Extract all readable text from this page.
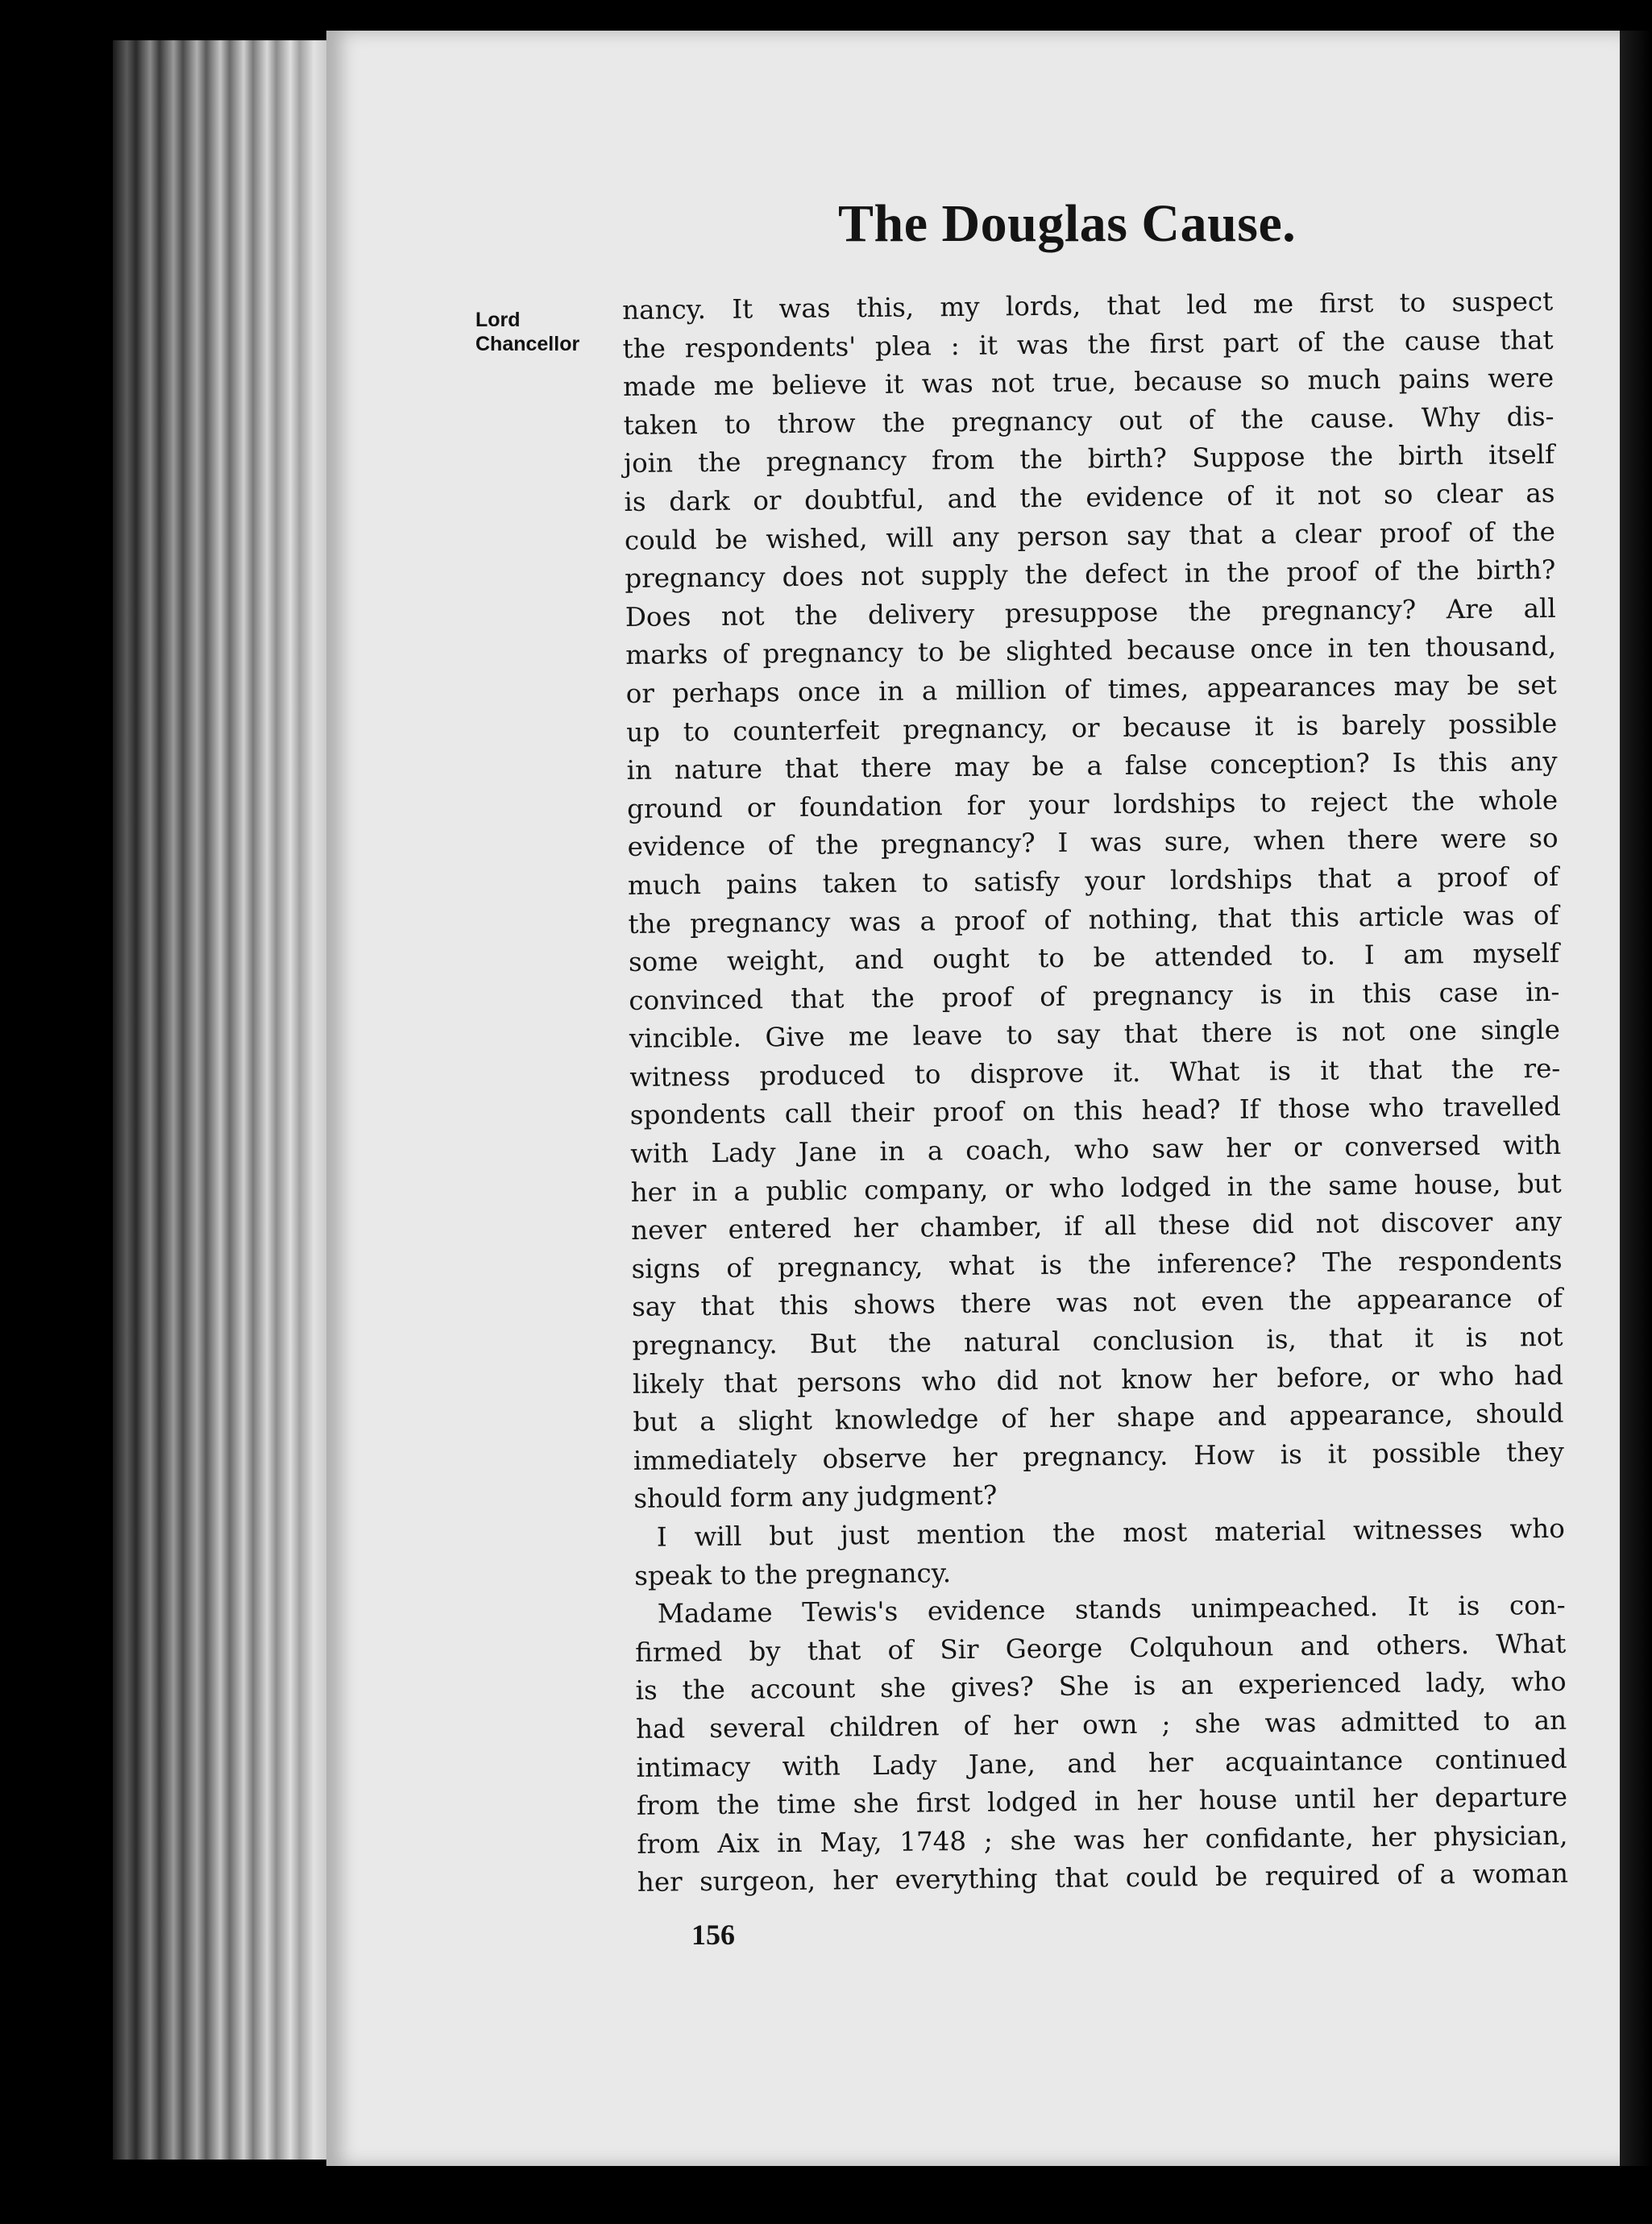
The Douglas Cause.
Lord
Chancellor
nancy. It was this, my lords, that led me first to suspect
the respondents' plea : it was the first part of the cause that
made me believe it was not true, because so much pains were
taken to throw the pregnancy out of the cause. Why dis-
join the pregnancy from the birth? Suppose the birth itself
is dark or doubtful, and the evidence of it not so clear as
could be wished, will any person say that a clear proof of the
pregnancy does not supply the defect in the proof of the birth?
Does not the delivery presuppose the pregnancy? Are all
marks of pregnancy to be slighted because once in ten thousand,
or perhaps once in a million of times, appearances may be set
up to counterfeit pregnancy, or because it is barely possible
in nature that there may be a false conception? Is this any
ground or foundation for your lordships to reject the whole
evidence of the pregnancy? I was sure, when there were so
much pains taken to satisfy your lordships that a proof of
the pregnancy was a proof of nothing, that this article was of
some weight, and ought to be attended to. I am myself
convinced that the proof of pregnancy is in this case in-
vincible. Give me leave to say that there is not one single
witness produced to disprove it. What is it that the re-
spondents call their proof on this head? If those who travelled
with Lady Jane in a coach, who saw her or conversed with
her in a public company, or who lodged in the same house, but
never entered her chamber, if all these did not discover any
signs of pregnancy, what is the inference? The respondents
say that this shows there was not even the appearance of
pregnancy. But the natural conclusion is, that it is not
likely that persons who did not know her before, or who had
but a slight knowledge of her shape and appearance, should
immediately observe her pregnancy. How is it possible they
should form any judgment?
I will but just mention the most material witnesses who
speak to the pregnancy.
Madame Tewis's evidence stands unimpeached. It is con-
firmed by that of Sir George Colquhoun and others. What
is the account she gives? She is an experienced lady, who
had several children of her own ; she was admitted to an
intimacy with Lady Jane, and her acquaintance continued
from the time she first lodged in her house until her departure
from Aix in May, 1748 ; she was her confidante, her physician,
her surgeon, her everything that could be required of a woman
156
